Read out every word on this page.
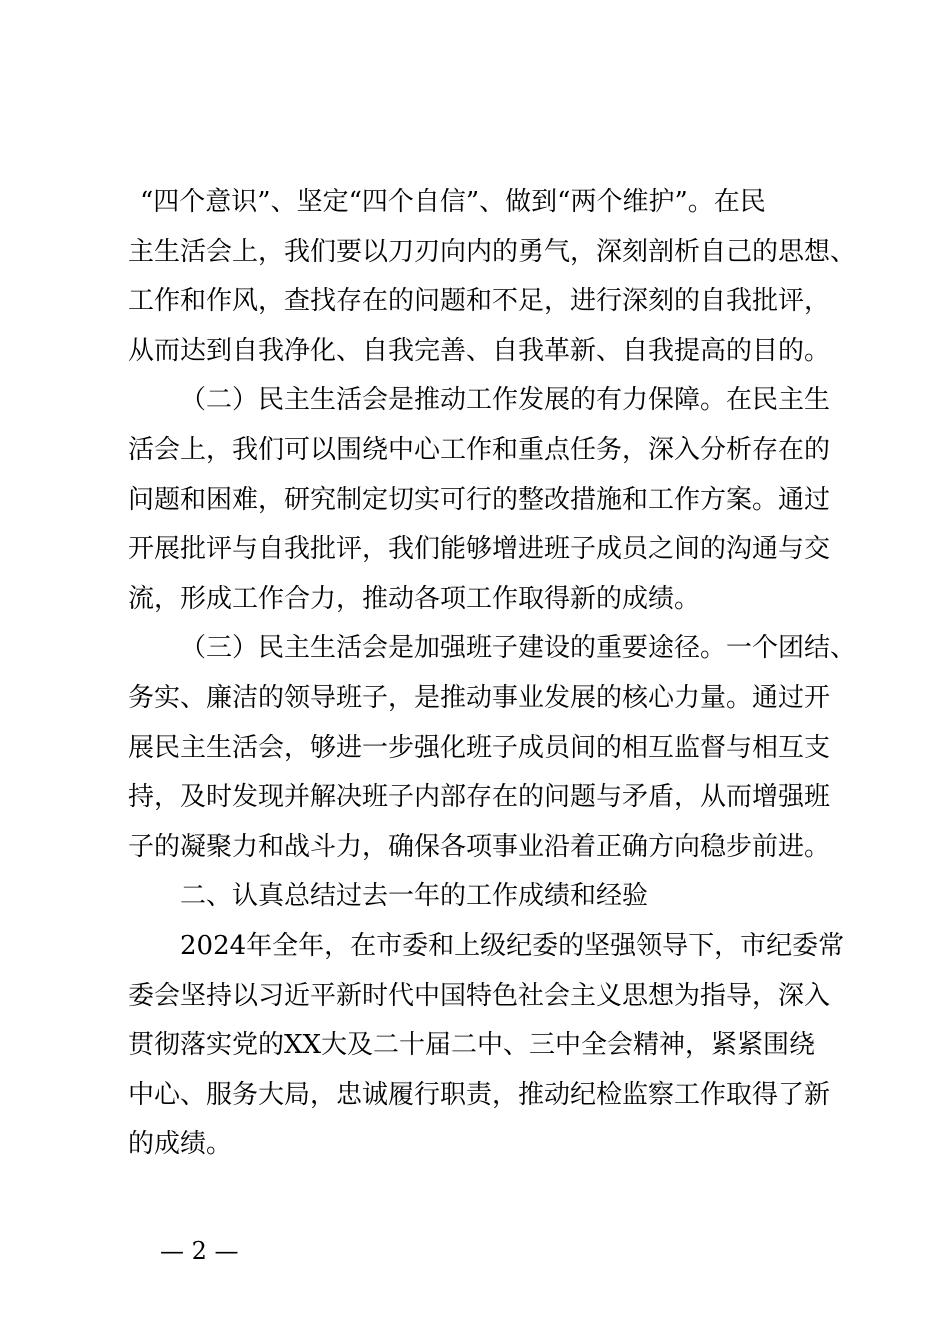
“四个意识”、坚定“四个自信”、做到“两个维护”。在民
主生活会上，我们要以刀刃向内的勇气，深刻剖析自己的思想、
工作和作风，查找存在的问题和不足，进行深刻的自我批评，
从而达到自我净化、自我完善、自我革新、自我提高的目的。
（二）民主生活会是推动工作发展的有力保障。在民主生
活会上，我们可以围绕中心工作和重点任务，深入分析存在的
问题和困难，研究制定切实可行的整改措施和工作方案。通过
开展批评与自我批评，我们能够增进班子成员之间的沟通与交
流，形成工作合力，推动各项工作取得新的成绩。
（三）民主生活会是加强班子建设的重要途径。一个团结、
务实、廉洁的领导班子，是推动事业发展的核心力量。通过开
展民主生活会，够进一步强化班子成员间的相互监督与相互支
持，及时发现并解决班子内部存在的问题与矛盾，从而增强班
子的凝聚力和战斗力，确保各项事业沿着正确方向稳步前进。
二、认真总结过去一年的工作成绩和经验
2024年全年，在市委和上级纪委的坚强领导下，市纪委常
委会坚持以习近平新时代中国特色社会主义思想为指导，深入
贯彻落实党的XX大及二十届二中、三中全会精神，紧紧围绕
中心、服务大局，忠诚履行职责，推动纪检监察工作取得了新
的成绩。
— 2 —
